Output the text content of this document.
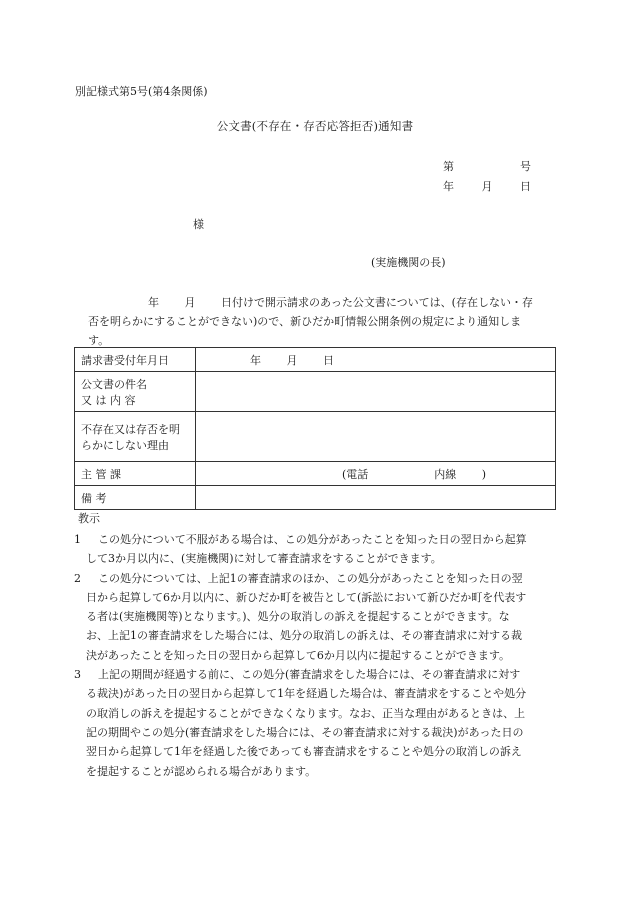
別記様式第5号(第4条関係)
公文書(不存在・存否応答拒否)通知書
第	号
年	月	日
様
(実施機関の長)
年 　　月 　　日付けで開示請求のあった公文書については、(存在しない・存
否を明らかにすることができない)ので、新ひだか町情報公開条例の規定により通知しま
す。
請求書受付年月日	年 　　月 　　日

公文書の件名
又 は 内 容	

不存在又は存否を明
らかにしない理由	

主 管 課	(電話　　　　　　内線　　 )
備 考	
教示
1	この処分について不服がある場合は、この処分があったことを知った日の翌日から起算
して3か月以内に、(実施機関)に対して審査請求をすることができます。
2	この処分については、上記1の審査請求のほか、この処分があったことを知った日の翌
日から起算して6か月以内に、新ひだか町を被告として(訴訟において新ひだか町を代表す
る者は(実施機関等)となります。)、処分の取消しの訴えを提起することができます。な
お、上記1の審査請求をした場合には、処分の取消しの訴えは、その審査請求に対する裁
決があったことを知った日の翌日から起算して6か月以内に提起することができます。
3	上記の期間が経過する前に、この処分(審査請求をした場合には、その審査請求に対す
る裁決)があった日の翌日から起算して1年を経過した場合は、審査請求をすることや処分
の取消しの訴えを提起することができなくなります。なお、正当な理由があるときは、上
記の期間やこの処分(審査請求をした場合には、その審査請求に対する裁決)があった日の
翌日から起算して1年を経過した後であっても審査請求をすることや処分の取消しの訴え
を提起することが認められる場合があります。
